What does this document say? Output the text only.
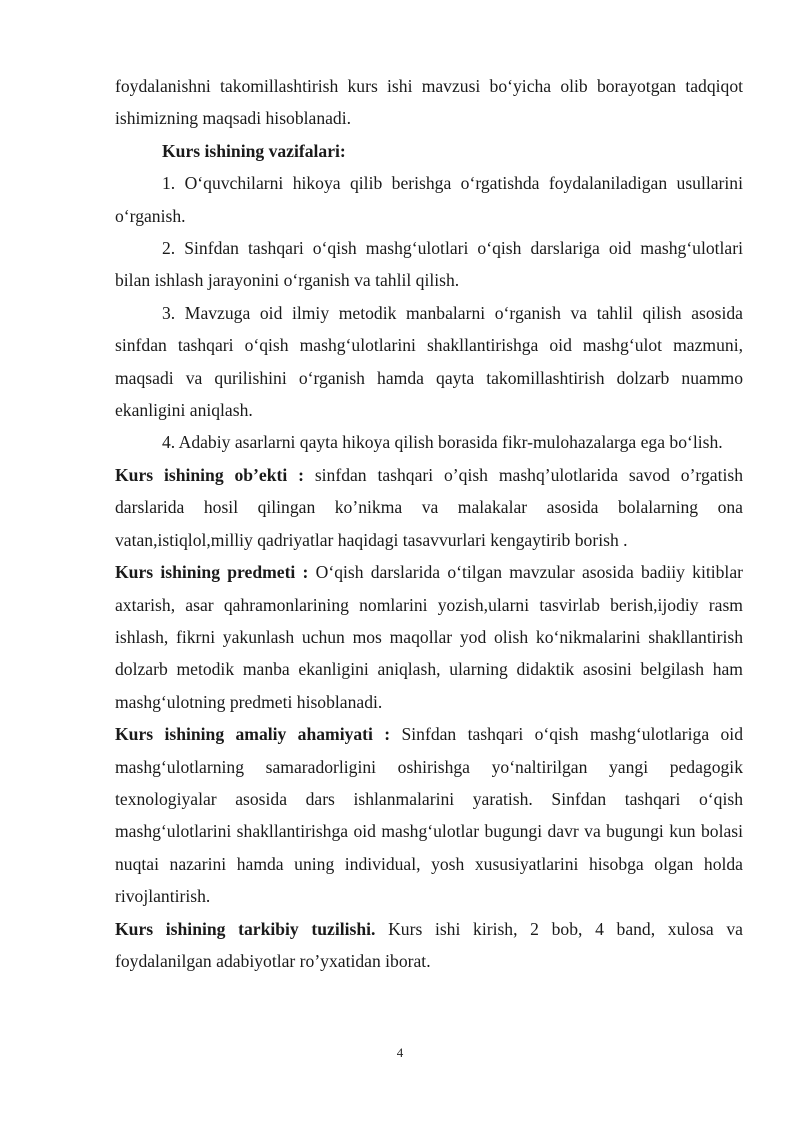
foydalanishni takomillashtirish kurs ishi mavzusi bo‘yicha olib borayotgan tadqiqot ishimizning maqsadi hisoblanadi.

Kurs ishining vazifalari:

1. O‘quvchilarni hikoya qilib berishga o‘rgatishda foydalaniladigan usullarini o‘rganish.

2. Sinfdan tashqari o‘qish mashg‘ulotlari o‘qish darslariga oid mashg‘ulotlari bilan ishlash jarayonini o‘rganish va tahlil qilish.

3. Mavzuga oid ilmiy metodik manbalarni o‘rganish va tahlil qilish asosida sinfdan tashqari o‘qish mashg‘ulotlarini shakllantirishga oid mashg‘ulot mazmuni, maqsadi va qurilishini o‘rganish hamda qayta takomillashtirish dolzarb nuammo ekanligini aniqlash.

4. Adabiy asarlarni qayta hikoya qilish borasida fikr-mulohazalarga ega bo‘lish.

Kurs ishining ob’ekti : sinfdan tashqari o’qish mashq’ulotlarida savod o’rgatish darslarida hosil qilingan ko’nikma va malakalar asosida bolalarning ona vatan,istiqlol,milliy qadriyatlar haqidagi tasavvurlari kengaytirib borish .

Kurs ishining predmeti : O‘qish darslarida o‘tilgan mavzular asosida badiiy kitiblar axtarish, asar qahramonlarining nomlarini yozish,ularni tasvirlab berish,ijodiy rasm ishlash, fikrni yakunlash uchun mos maqollar yod olish ko‘nikmalarini shakllantirish dolzarb metodik manba ekanligini aniqlash, ularning didaktik asosini belgilash ham mashg‘ulotning predmeti hisoblanadi.

Kurs ishining amaliy ahamiyati : Sinfdan tashqari o‘qish mashg‘ulotlariga oid mashg‘ulotlarning samaradorligini oshirishga yo‘naltirilgan yangi pedagogik texnologiyalar asosida dars ishlanmalarini yaratish. Sinfdan tashqari o‘qish mashg‘ulotlarini shakllantirishga oid mashg‘ulotlar bugungi davr va bugungi kun bolasi nuqtai nazarini hamda uning individual, yosh xususiyatlarini hisobga olgan holda rivojlantirish.

Kurs ishining tarkibiy tuzilishi. Kurs ishi kirish, 2 bob, 4 band, xulosa va foydalanilgan adabiyotlar ro’yxatidan iborat.

4
